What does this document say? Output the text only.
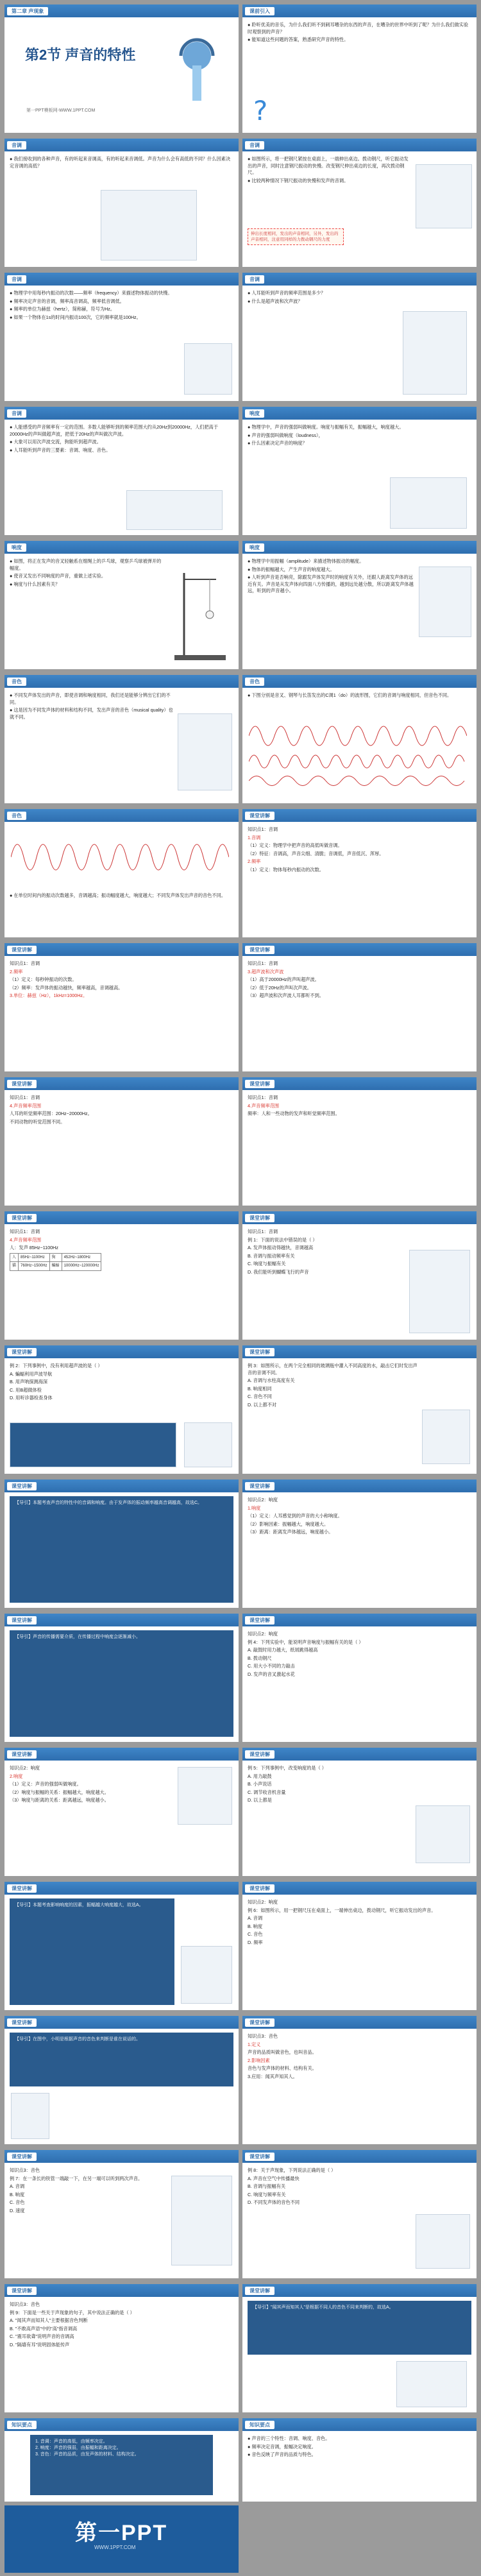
第二章 声现象
第2节 声音的特性
第一PPT模板网-WWW.1PPT.COM
课前引入

● 聆听优美的音乐，为什么我们听不到刺耳嘈杂的东西的声音，在嘈杂的世界中听到了呢？为什么我们做实验时观察到的声音？

● 能知道这些问题的答案，熟悉研究声音的特性。

?
音调

● 我们接收到的各种声音，有的听起来音调高，有的听起来音调低。声音为什么会有高低的不同？什么因素决定音调的高低？

音调

● 如图所示，将一把钢尺紧按在桌面上，一端伸出桌边。拨动钢尺，听它振动发出的声音，同时注意钢尺振动的快慢。改变钢尺伸出桌边的长度，再次拨动钢尺。

● 比较两种情况下钢尺振动的快慢和发声的音调。

伸出长度相同，发出的声音相同，另外，发出的声音相同，注意用同样的力拨动钢尺的力度
音调

● 物理学中用每秒内振动的次数——频率（frequency）来描述物体振动的快慢。

● 频率决定声音的音调，频率高音调高，频率低音调低。

● 频率的单位为赫兹（hertz），简称赫，符号为Hz。

● 如果一个物体在1s的时间内振动100次，它的频率就是100Hz。

音调

● 人耳能听到声音的频率范围是多少？

● 什么是超声波和次声波？

音调

● 人能感受的声音频率有一定的范围。多数人能够听到的频率范围大约从20Hz到20000Hz，人们把高于20000Hz的声叫做超声波，把低于20Hz的声叫做次声波。

● 大象可以用次声波交流，狗能听到超声波。

● 人耳能听到声音的三要素：音调、响度、音色。

响度

● 物理学中，声音的强弱叫做响度。响度与振幅有关，振幅越大，响度越大。

● 声音的强弱叫做响度（loudness），

● 什么因素决定声音的响度？

响度

● 如图，将正在发声的音叉轻触系在细绳上的乒乓球，观察乒乓球被弹开的幅度。

● 使音叉发出不同响度的声音，重做上述实验。

● 响度与什么因素有关？

响度

● 物理学中用振幅（amplitude）来描述物体振动的幅度。

● 物体的振幅越大，产生声音的响度越大。

● 人听到声音是否响亮，除跟发声体发声时的响度有关外，还跟人距离发声体的远近有关。声音是从发声体向四面八方传播的，越到远处越分散，所以距离发声体越远，听到的声音越小。

音色

● 不同发声体发出的声音，即使音调和响度相同，我们还是能够分辨出它们的不同。

● 这是因为不同发声体的材料和结构不同，发出声音的音色（musical quality）也就不同。

音色

● 下图分别是音叉、钢琴与长笛发出的C调1（do）的波形图，它们的音调与响度相同，但音色不同。

音色

● 在单位时间内的振动次数越多，音调越高；振动幅度越大，响度越大；不同发声体发出声音的音色不同。

课堂讲解

知识点1：音调

1.音调

（1）定义：物理学中把声音的高低叫做音调。

（2）特征：音调高，声音尖细、清脆；音调低，声音低沉、浑厚。

2.频率

（1）定义：物体每秒内振动的次数。

课堂讲解

知识点1：音调

2.频率

（1）定义：每秒钟振动的次数。

（2）频率：发声体的振动越快，频率越高，音调越高。

3.单位：赫兹（Hz），1kHz=1000Hz。

课堂讲解

知识点1：音调

3.超声波和次声波

（1）高于20000Hz的声叫超声波。

（2）低于20Hz的声叫次声波。

（3）超声波和次声波人耳都听不到。

课堂讲解

知识点1：音调

4.声音频率范围

人耳的听觉频率范围：20Hz~20000Hz。

不同动物的听觉范围不同。

课堂讲解

知识点1：音调

4.声音频率范围

频率：人和一些动物的发声和听觉频率范围。

课堂讲解

知识点1：音调

4.声音频率范围

人：发声 85Hz~1100Hz

人	85Hz~1100Hz	狗	452Hz~1800Hz
猫	760Hz~1500Hz	蝙蝠	10000Hz~120000Hz
课堂讲解

知识点1：音调

例 1：下面的说法中错误的是（ ）

A. 发声体振动得越快，音调越高

B. 音调与振动频率有关

C. 响度与振幅有关

D. 我们能听到蝴蝶飞行的声音

课堂讲解

例 2：下列事例中，没有利用超声波的是（ ）

A. 蝙蝠利用声波导航

B. 用声呐探测海深

C. 用B超做体检

D. 用听诊器检查身体

课堂讲解

例 3：如图所示，在两个完全相同的玻璃瓶中灌入不同高度的水，敲击它们时发出声音的音调不同。

A. 音调与水柱高度有关

B. 响度相同

C. 音色不同

D. 以上都不对

课堂讲解
【导引】本题考查声音的特性中的音调和响度。由于发声体的振动频率越高音调越高，故选C。
课堂讲解

知识点2：响度

1.响度

（1）定义：人耳感觉到的声音的大小称响度。

（2）影响因素：振幅越大，响度越大。

（3）距离：距离发声体越远，响度越小。

课堂讲解
【导引】声音的传播需要介质，在传播过程中响度会逐渐减小。
课堂讲解

知识点2：响度

例 4：下列实验中，能说明声音响度与振幅有关的是（ ）

A. 敲鼓时用力越大，纸屑跳得越高

B. 拨动钢尺

C. 用大小不同的力敲击

D. 发声的音叉激起水花

课堂讲解

知识点2：响度

2.响度

（1）定义：声音的强弱叫做响度。

（2）响度与振幅的关系：振幅越大，响度越大。

（3）响度与距离的关系：距离越远，响度越小。

课堂讲解

例 5：下列事例中，改变响度的是（ ）

A. 用力敲鼓

B. 小声说话

C. 调节收音机音量

D. 以上都是

课堂讲解
【导引】本题考查影响响度的因素，振幅越大响度越大，故选A。
课堂讲解

知识点2：响度

例 6：如图所示，用一把钢尺压在桌面上，一端伸出桌边，拨动钢尺，听它振动发出的声音。

A. 音调

B. 响度

C. 音色

D. 频率

课堂讲解
【导引】在图中，小明是根据声音的音色来判断是谁在说话的。
课堂讲解

知识点3：音色

1.定义

声音的品质叫做音色，也叫音品。

2.影响因素

音色与发声体的材料、结构有关。

3.应用：闻其声知其人。

课堂讲解

知识点3：音色

例 7：在一条长的铁管一端敲一下，在另一端可以听到两次声音。

A. 音调

B. 响度

C. 音色

D. 速度

课堂讲解

例 8：关于声现象，下列说法正确的是（ ）

A. 声音在空气中传播最快

B. 音调与振幅有关

C. 响度与频率有关

D. 不同发声体的音色不同

课堂讲解

知识点3：音色

例 9：下面是一些关于声现象的句子，其中说法正确的是（ ）

A. "闻其声而知其人"主要根据音色判断

B. "不敢高声语"中的"高"指音调高

C. "震耳欲聋"说明声音的音调高

D. "隔墙有耳"说明固体能传声

课堂讲解
【导引】"闻其声而知其人"是根据不同人的音色不同来判断的，故选A。
知识要点

1. 音调：声音的高低，由频率决定。

2. 响度：声音的强弱，由振幅和距离决定。

3. 音色：声音的品质，由发声体的材料、结构决定。

知识要点

● 声音的三个特性：音调、响度、音色。

● 频率决定音调，振幅决定响度。

● 音色反映了声音的品质与特色。

第一PPT
WWW.1PPT.COM
